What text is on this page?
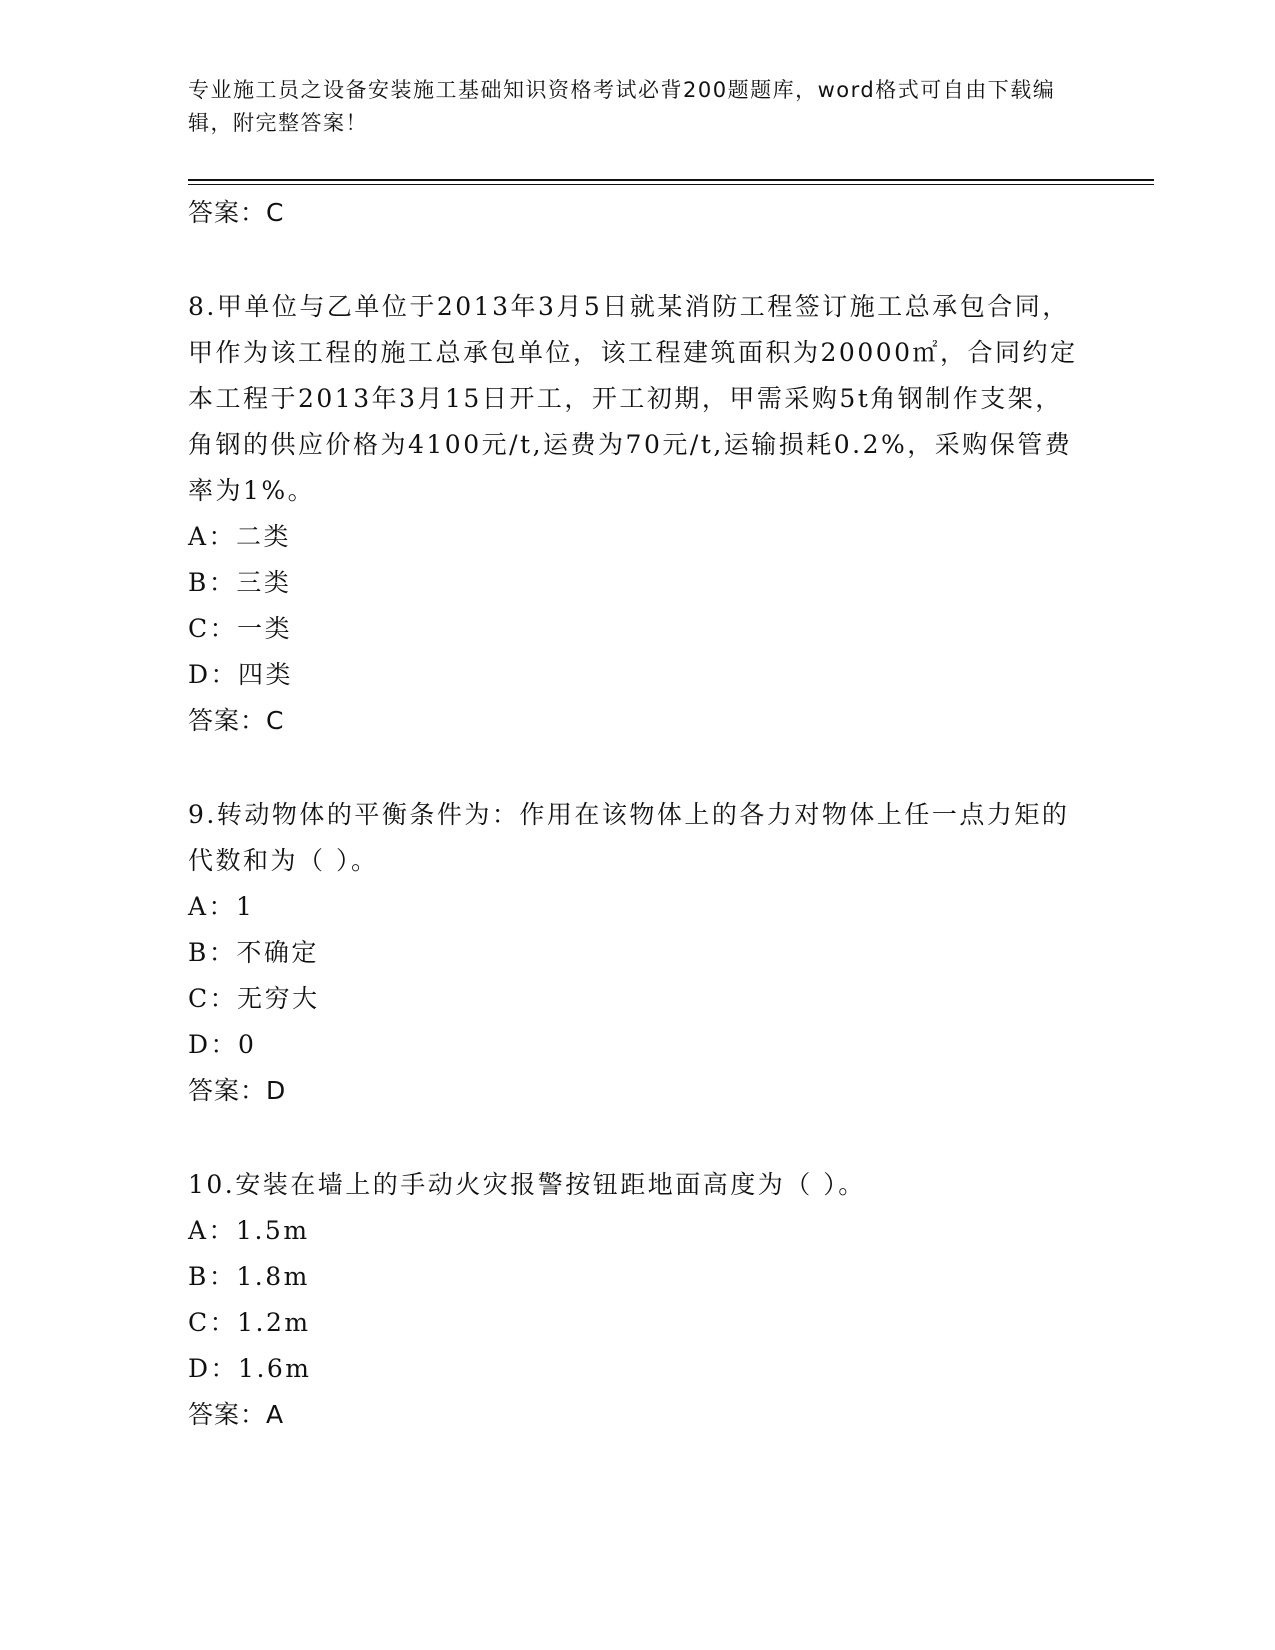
专业施工员之设备安装施工基础知识资格考试必背200题题库，word格式可自由下载编辑，附完整答案！

答案：C

8.甲单位与乙单位于2013年3月5日就某消防工程签订施工总承包合同，甲作为该工程的施工总承包单位，该工程建筑面积为20000㎡，合同约定本工程于2013年3月15日开工，开工初期，甲需采购5t角钢制作支架，角钢的供应价格为4100元/t,运费为70元/t,运输损耗0.2%，采购保管费率为1%。

A：二类

B：三类

C：一类

D：四类

答案：C

9.转动物体的平衡条件为：作用在该物体上的各力对物体上任一点力矩的代数和为（ ）。

A：1

B：不确定

C：无穷大

D：0

答案：D

10.安装在墙上的手动火灾报警按钮距地面高度为（ ）。

A：1.5m

B：1.8m

C：1.2m

D：1.6m

答案：A
